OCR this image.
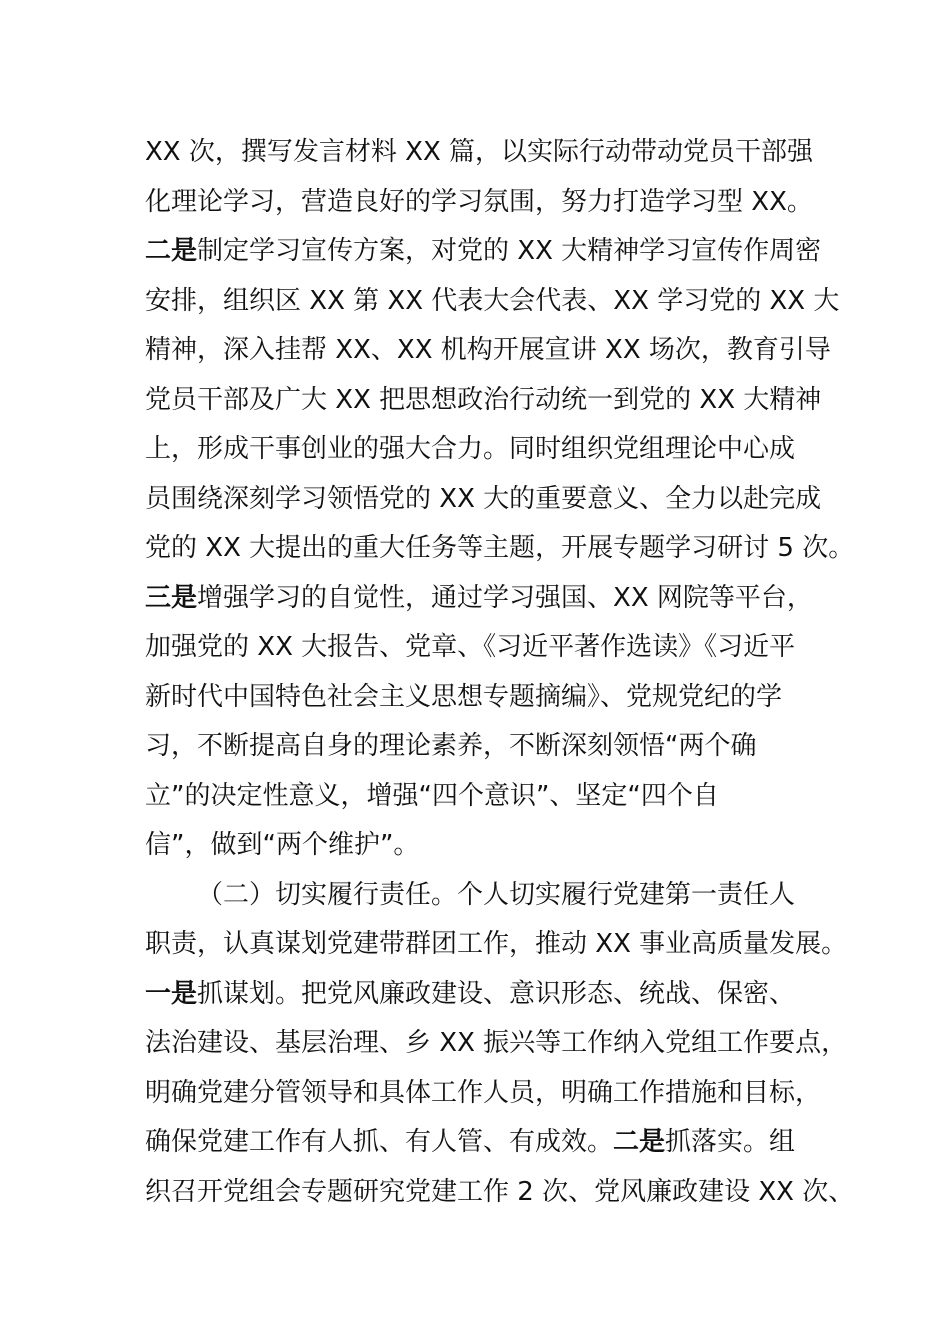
XX 次，撰写发言材料 XX 篇，以实际行动带动党员干部强
化理论学习，营造良好的学习氛围，努力打造学习型 XX。
二是制定学习宣传方案，对党的 XX 大精神学习宣传作周密
安排，组织区 XX 第 XX 代表大会代表、XX 学习党的 XX 大
精神，深入挂帮 XX、XX 机构开展宣讲 XX 场次，教育引导
党员干部及广大 XX 把思想政治行动统一到党的 XX 大精神
上，形成干事创业的强大合力。同时组织党组理论中心成
员围绕深刻学习领悟党的 XX 大的重要意义、全力以赴完成
党的 XX 大提出的重大任务等主题，开展专题学习研讨 5 次。
三是增强学习的自觉性，通过学习强国、XX 网院等平台，
加强党的 XX 大报告、党章、《习近平著作选读》《习近平
新时代中国特色社会主义思想专题摘编》、党规党纪的学
习，不断提高自身的理论素养，不断深刻领悟“两个确
立”的决定性意义，增强“四个意识”、坚定“四个自
信”，做到“两个维护”。
（二）切实履行责任。个人切实履行党建第一责任人
职责，认真谋划党建带群团工作，推动 XX 事业高质量发展。
一是抓谋划。把党风廉政建设、意识形态、统战、保密、
法治建设、基层治理、乡 XX 振兴等工作纳入党组工作要点，
明确党建分管领导和具体工作人员，明确工作措施和目标，
确保党建工作有人抓、有人管、有成效。二是抓落实。组
织召开党组会专题研究党建工作 2 次、党风廉政建设 XX 次、
